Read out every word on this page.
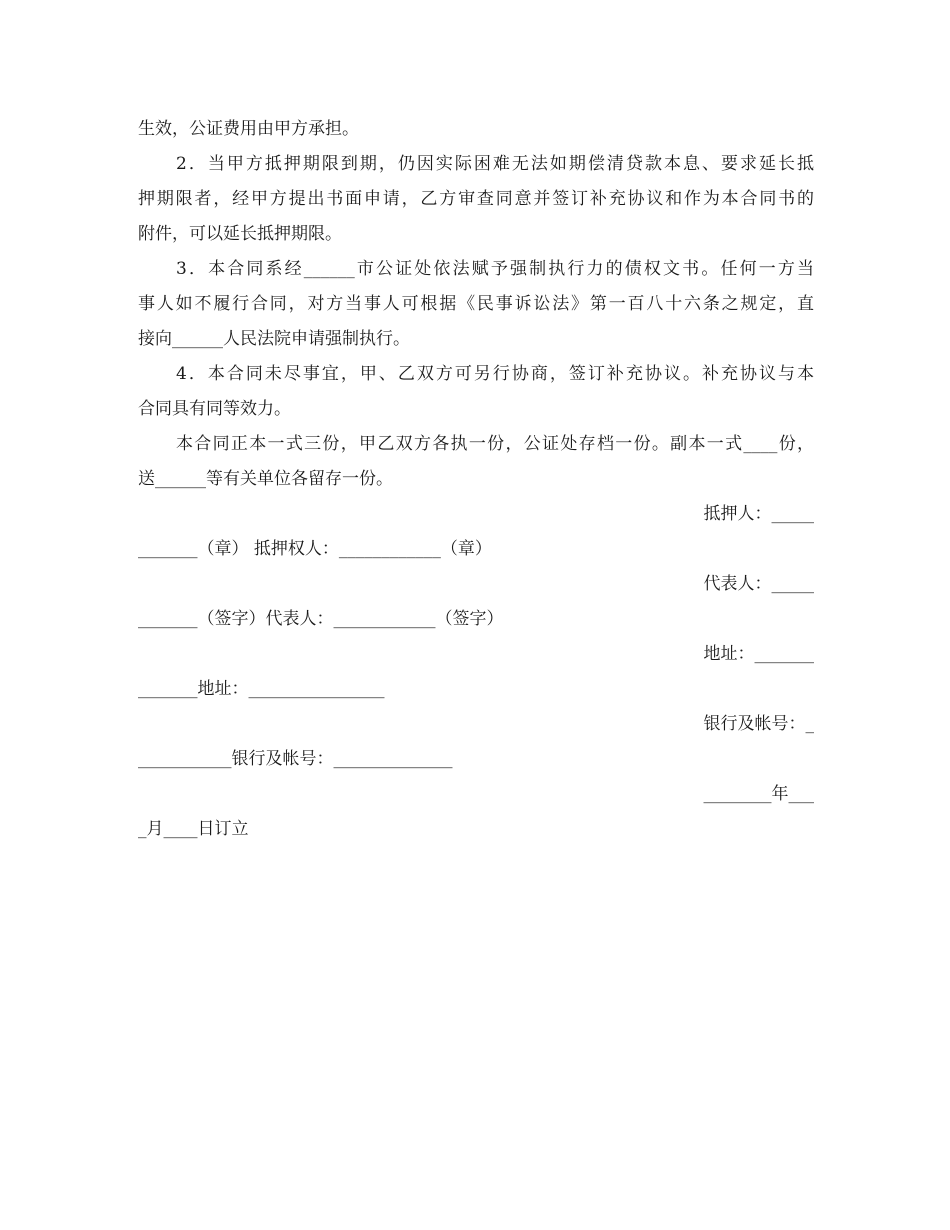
生效，公证费用由甲方承担。
2．当甲方抵押期限到期，仍因实际困难无法如期偿清贷款本息、要求延长抵
押期限者，经甲方提出书面申请，乙方审查同意并签订补充协议和作为本合同书的
附件，可以延长抵押期限。
3．本合同系经______市公证处依法赋予强制执行力的债权文书。任何一方当
事人如不履行合同，对方当事人可根据《民事诉讼法》第一百八十六条之规定，直
接向______人民法院申请强制执行。
4．本合同未尽事宜，甲、乙双方可另行协商，签订补充协议。补充协议与本
合同具有同等效力。
本合同正本一式三份，甲乙双方各执一份，公证处存档一份。副本一式____份，
送______等有关单位各留存一份。
抵押人：_____
_______（章） 抵押权人：____________（章）
代表人：_____
_______（签字）代表人：____________（签字）
地址：_______
_______地址：________________
银行及帐号：_
___________银行及帐号：______________
________年___
_月____日订立
